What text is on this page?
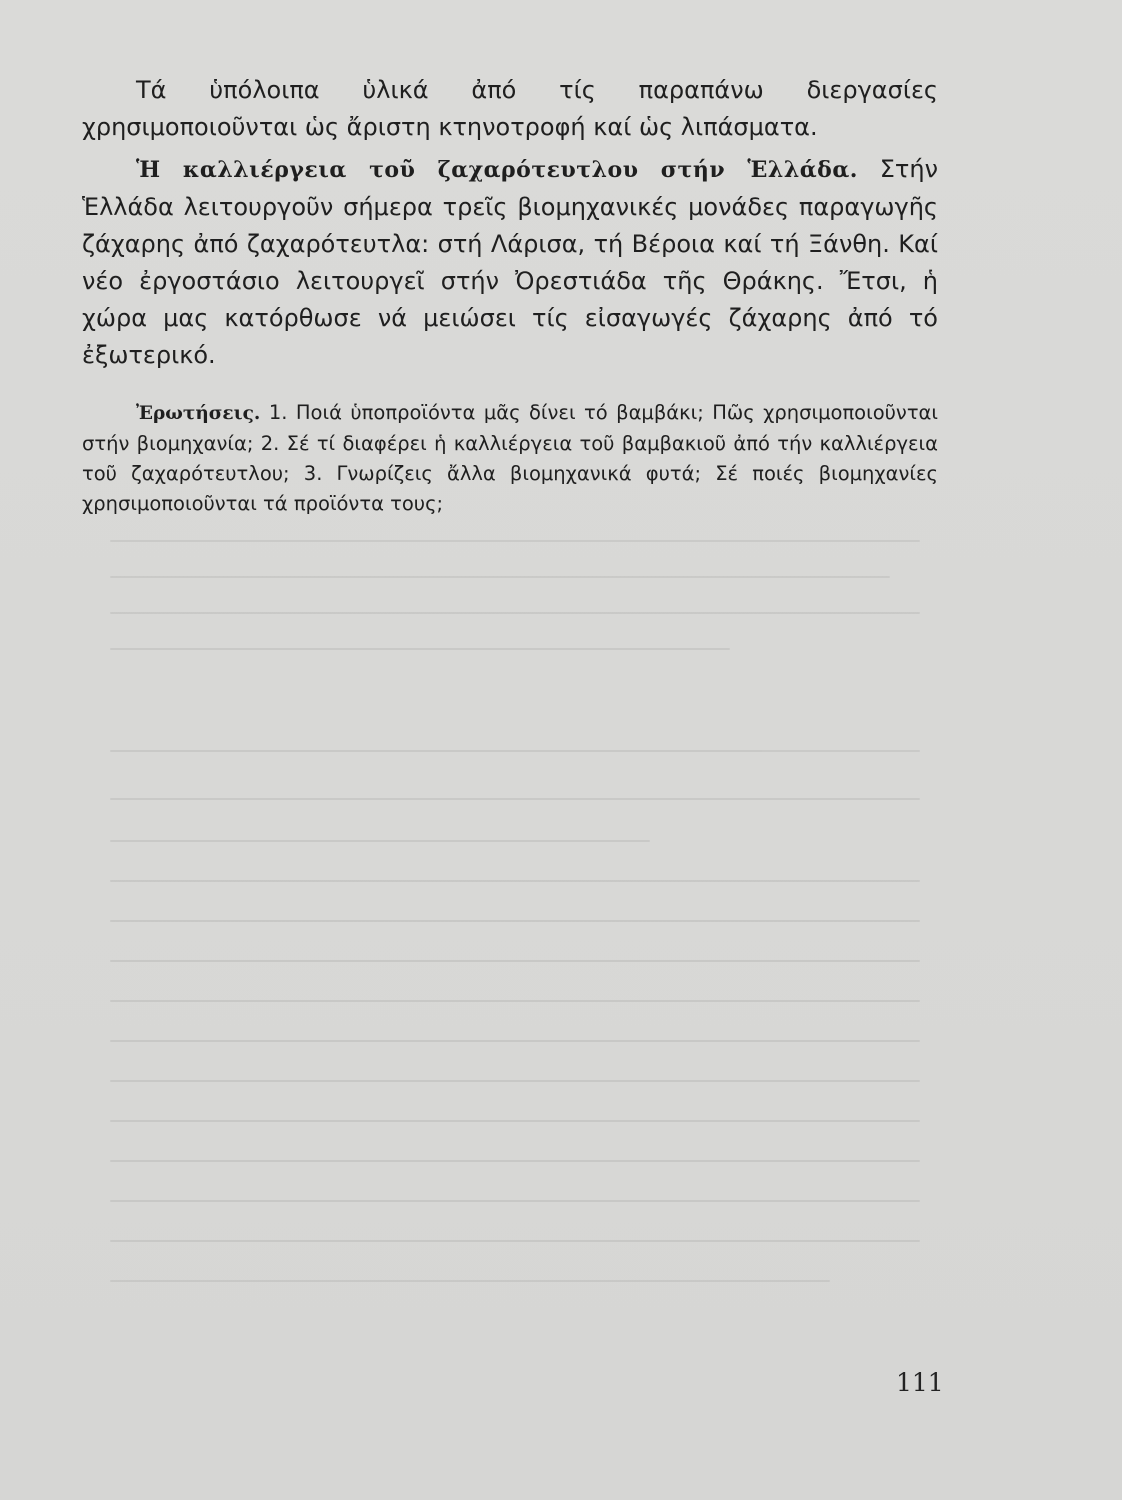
Τά ὑπόλοιπα ὑλικά ἀπό τίς παραπάνω διεργασίες χρησιμοποιοῦνται ὡς ἄριστη κτηνοτροφή καί ὡς λιπάσματα.

Ἡ καλλιέργεια τοῦ ζαχαρότευτλου στήν Ἑλλάδα. Στήν Ἑλλάδα λειτουργοῦν σήμερα τρεῖς βιομηχανικές μονάδες παραγωγῆς ζάχαρης ἀπό ζαχαρότευτλα: στή Λάρισα, τή Βέροια καί τή Ξάνθη. Καί νέο ἐργοστάσιο λειτουργεῖ στήν Ὀρεστιάδα τῆς Θράκης. Ἔτσι, ἡ χώρα μας κατόρθωσε νά μειώσει τίς εἰσαγωγές ζάχαρης ἀπό τό ἐξωτερικό.

Ἐρωτήσεις. 1. Ποιά ὑποπροϊόντα μᾶς δίνει τό βαμβάκι; Πῶς χρησιμοποιοῦνται στήν βιομηχανία; 2. Σέ τί διαφέρει ἡ καλλιέργεια τοῦ βαμβακιοῦ ἀπό τήν καλλιέργεια τοῦ ζαχαρότευτλου; 3. Γνωρίζεις ἄλλα βιομηχανικά φυτά; Σέ ποιές βιομηχανίες χρησιμοποιοῦνται τά προϊόντα τους;

111
